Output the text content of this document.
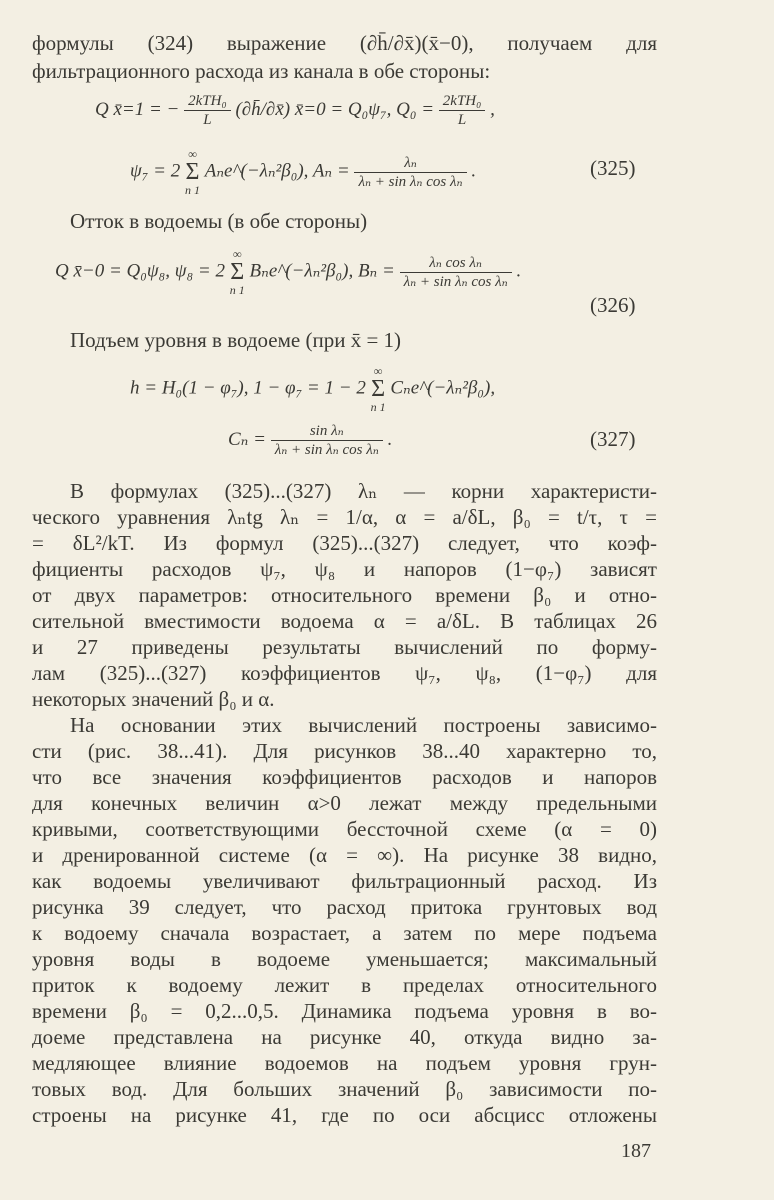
формулы (324) выражение (∂h̄/∂x̄)(x̄−0), получаем для
фильтрационного расхода из канала в обе стороны:
Q x̄=1 = − $\frac{\text{2kTH₀}}{L}$ (∂h̄/∂x̄) x̄=0 = Q₀ψ₇, $Q_0 = \frac{\text{2kTH₀}}{L}$ ,
ψ₇ = 2
∞
Σ
n 1
Aₙe^(−λₙ²β₀), $A_n = \frac{\text{λₙ}}{\text{λₙ + sin λₙ cos λₙ}}$ .	(325)
Отток в водоемы (в обе стороны)
Q x̄−0 = Q₀ψ₈, ψ₈ = 2
∞
Σ
n 1
Bₙe^(−λₙ²β₀), $B_n = \frac{\text{λₙ cos λₙ}}{\text{λₙ + sin λₙ cos λₙ}}$ .
(326)
Подъем уровня в водоеме (при x̄ = 1)
h = H₀(1 − φ₇), 1 − φ₇ = 1 − 2
∞
Σ
n 1
Cₙe^(−λₙ²β₀),
$C_n = \frac{\text{sin λₙ}}{\text{λₙ + sin λₙ cos λₙ}}$ .	(327)
В формулах (325)...(327) λₙ — корни характеристи-
ческого уравнения λₙtg λₙ = 1/α, α = a/δL, β₀ = t/τ, τ =
= δL²/kT. Из формул (325)...(327) следует, что коэф-
фициенты расходов ψ₇, ψ₈ и напоров (1−φ₇) зависят
от двух параметров: относительного времени β₀ и отно-
сительной вместимости водоема α = a/δL. В таблицах 26
и 27 приведены результаты вычислений по форму-
лам (325)...(327) коэффициентов ψ₇, ψ₈, (1−φ₇) для
некоторых значений β₀ и α.
На основании этих вычислений построены зависимо-
сти (рис. 38...41). Для рисунков 38...40 характерно то,
что все значения коэффициентов расходов и напоров
для конечных величин α>0 лежат между предельными
кривыми, соответствующими бессточной схеме (α = 0)
и дренированной системе (α = ∞). На рисунке 38 видно,
как водоемы увеличивают фильтрационный расход. Из
рисунка 39 следует, что расход притока грунтовых вод
к водоему сначала возрастает, а затем по мере подъема
уровня воды в водоеме уменьшается; максимальный
приток к водоему лежит в пределах относительного
времени β₀ = 0,2...0,5. Динамика подъема уровня в во-
доеме представлена на рисунке 40, откуда видно за-
медляющее влияние водоемов на подъем уровня грун-
товых вод. Для больших значений β₀ зависимости по-
187
строены на рисунке 41, где по оси абсцисс отложены
